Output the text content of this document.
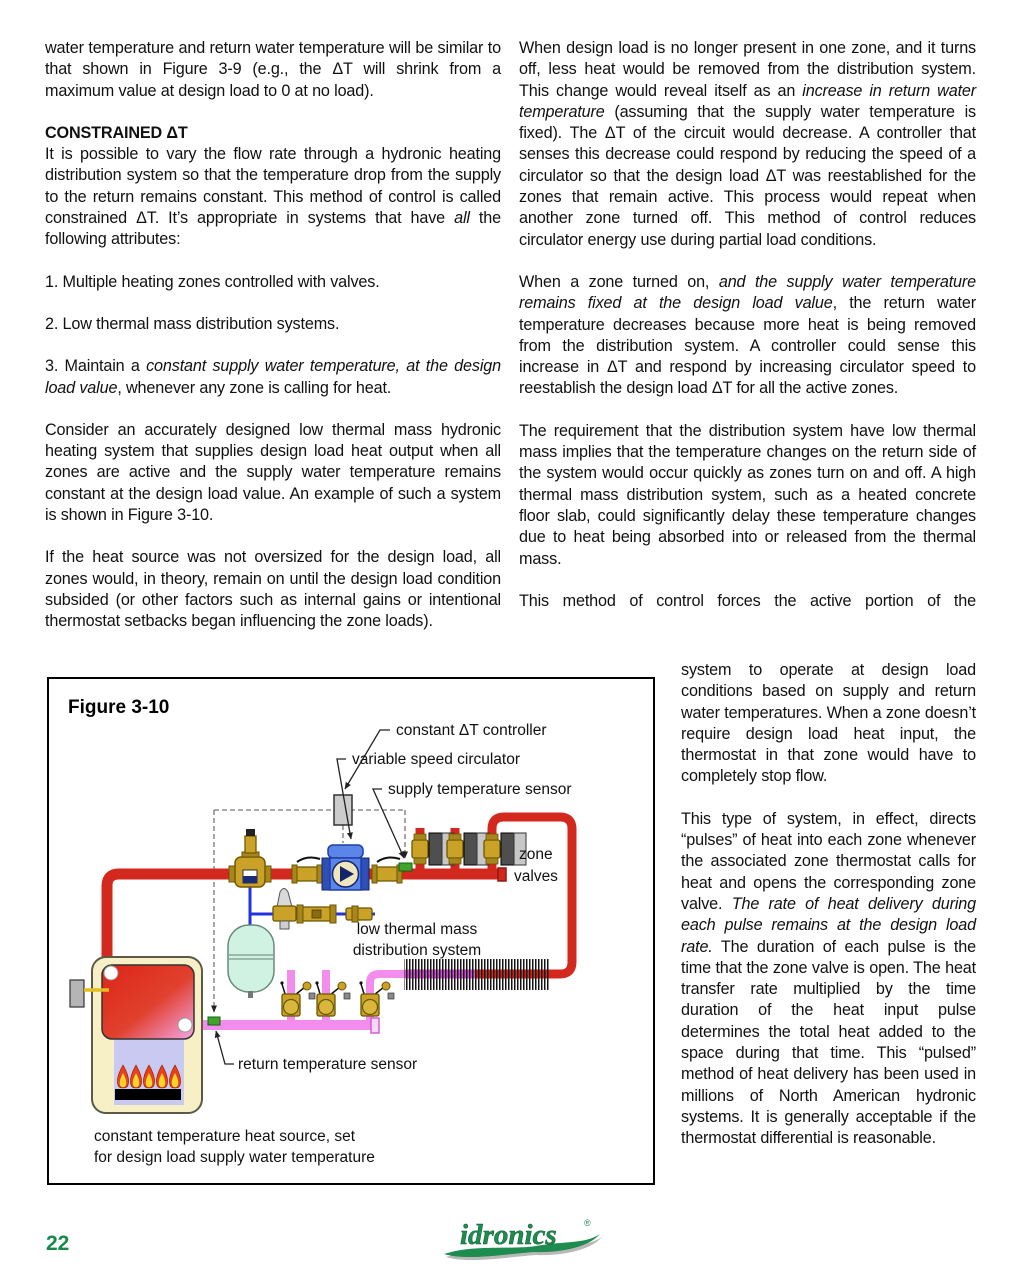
water temperature and return water temperature will be similar to that shown in Figure 3-9 (e.g., the ΔT will shrink from a maximum value at design load to 0 at no load).

CONSTRAINED ΔT

It is possible to vary the flow rate through a hydronic heating distribution system so that the temperature drop from the supply to the return remains constant. This method of control is called constrained ΔT. It’s appropriate in systems that have all the following attributes:

1. Multiple heating zones controlled with valves.

2. Low thermal mass distribution systems.

3. Maintain a constant supply water temperature, at the design load value, whenever any zone is calling for heat.

Consider an accurately designed low thermal mass hydronic heating system that supplies design load heat output when all zones are active and the supply water temperature remains constant at the design load value. An example of such a system is shown in Figure 3-10.

If the heat source was not oversized for the design load, all zones would, in theory, remain on until the design load condition subsided (or other factors such as internal gains or intentional thermostat setbacks began influencing the zone loads).

When design load is no longer present in one zone, and it turns off, less heat would be removed from the distribution system. This change would reveal itself as an increase in return water temperature (assuming that the supply water temperature is fixed). The ΔT of the circuit would decrease. A controller that senses this decrease could respond by reducing the speed of a circulator so that the design load ΔT was reestablished for the zones that remain active. This process would repeat when another zone turned off. This method of control reduces circulator energy use during partial load conditions.

When a zone turned on, and the supply water temperature remains fixed at the design load value, the return water temperature decreases because more heat is being removed from the distribution system. A controller could sense this increase in ΔT and respond by increasing circulator speed to reestablish the design load ΔT for all the active zones.

The requirement that the distribution system have low thermal mass implies that the temperature changes on the return side of the system would occur quickly as zones turn on and off. A high thermal mass distribution system, such as a heated concrete floor slab, could significantly delay these temperature changes due to heat being absorbed into or released from the thermal mass.

This method of control forces the active portion of the

system to operate at design load conditions based on supply and return water temperatures. When a zone doesn’t require design load heat input, the thermostat in that zone would have to completely stop flow.

This type of system, in effect, directs “pulses” of heat into each zone whenever the associated zone thermostat calls for heat and opens the corresponding zone valve. The rate of heat delivery during each pulse remains at the design load rate. The duration of each pulse is the time that the zone valve is open. The heat transfer rate multiplied by the time duration of the heat input pulse determines the total heat added to the space during that time. This “pulsed” method of heat delivery has been used in millions of North American hydronic systems. It is generally acceptable if the thermostat differential is reasonable.

Figure 3-10
constant ΔT controller
variable speed circulator
supply temperature sensor
zone
valves
low thermal mass
distribution system
return temperature sensor
constant temperature heat source, set
for design load supply water temperature
22	idronics	®
